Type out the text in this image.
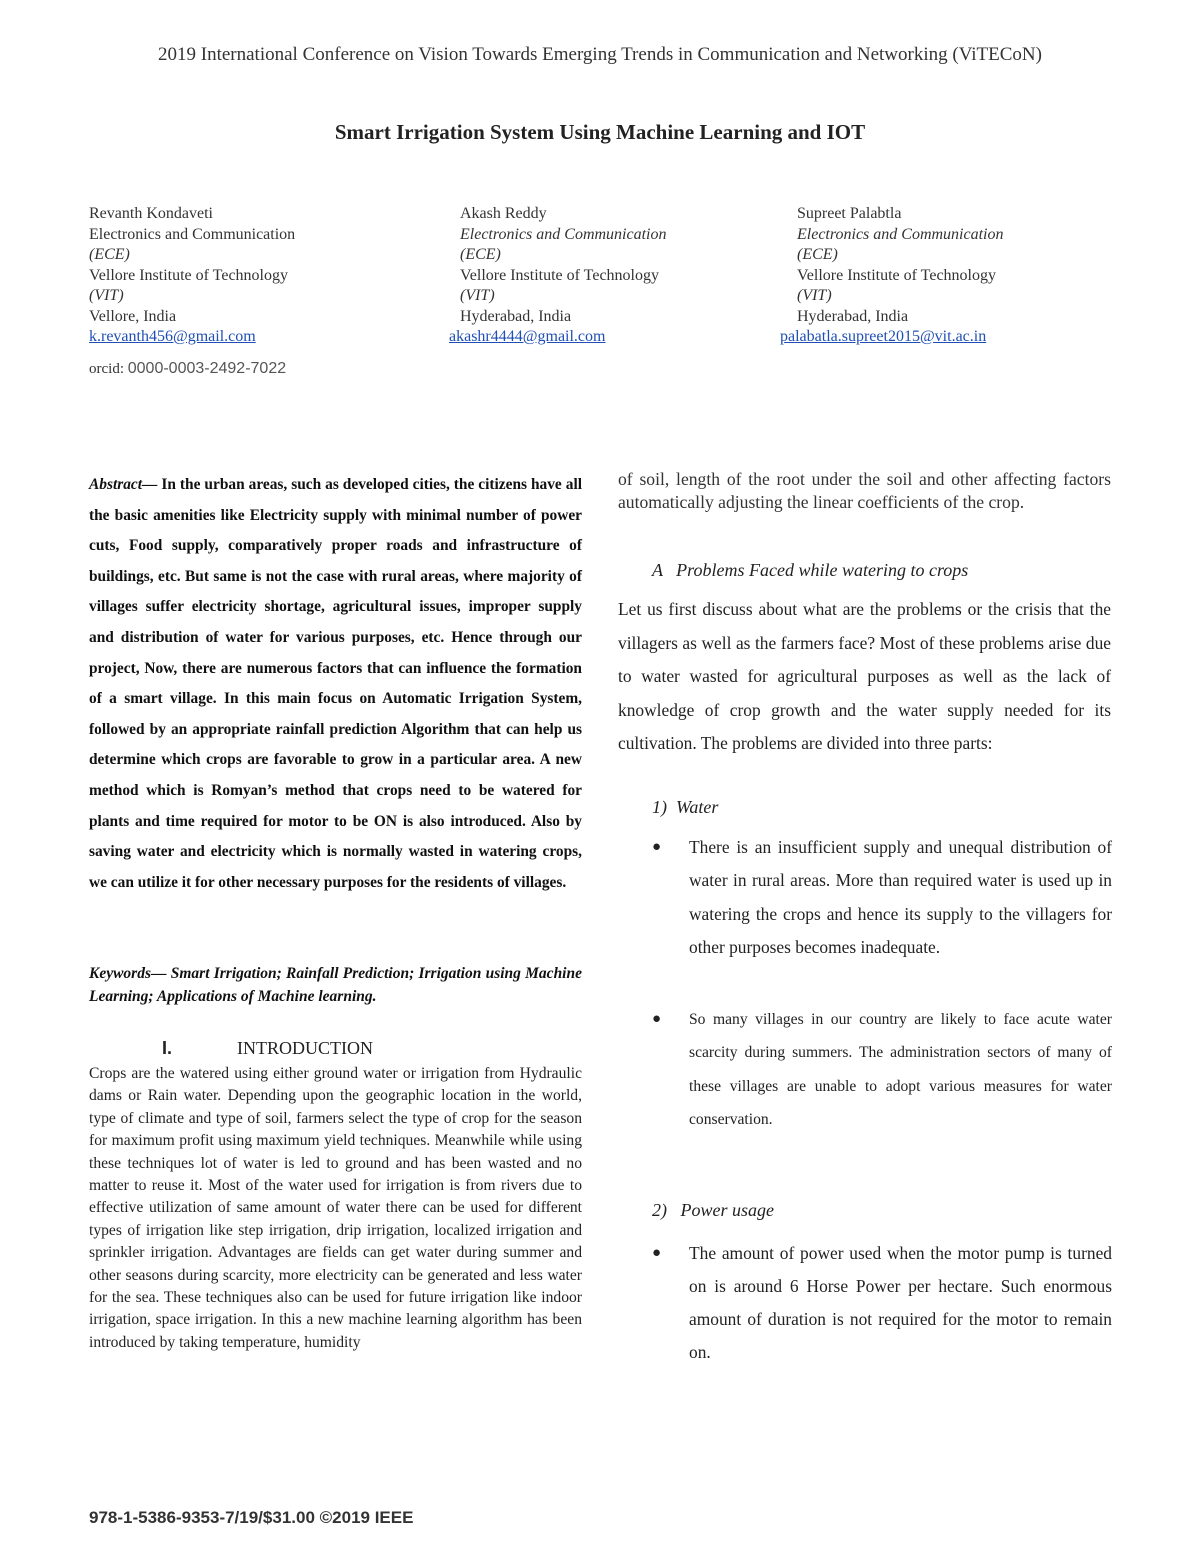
2019 International Conference on Vision Towards Emerging Trends in Communication and Networking (ViTECoN)
Smart Irrigation System Using Machine Learning and IOT
Revanth Kondaveti
Electronics and Communication
(ECE)
Vellore Institute of Technology
(VIT)
Vellore, India
k.revanth456@gmail.com
Akash Reddy
Electronics and Communication
(ECE)
Vellore Institute of Technology
(VIT)
Hyderabad, India
akashr4444@gmail.com
Supreet Palabtla
Electronics and Communication
(ECE)
Vellore Institute of Technology
(VIT)
Hyderabad, India
palabatla.supreet2015@vit.ac.in
orcid: 0000-0003-2492-7022
Abstract— In the urban areas, such as developed cities, the citizens have all the basic amenities like Electricity supply with minimal number of power cuts, Food supply, comparatively proper roads and infrastructure of buildings, etc. But same is not the case with rural areas, where majority of villages suffer electricity shortage, agricultural issues, improper supply and distribution of water for various purposes, etc. Hence through our project, Now, there are numerous factors that can influence the formation of a smart village. In this main focus on Automatic Irrigation System, followed by an appropriate rainfall prediction Algorithm that can help us determine which crops are favorable to grow in a particular area. A new method which is Romyan’s method that crops need to be watered for plants and time required for motor to be ON is also introduced. Also by saving water and electricity which is normally wasted in watering crops, we can utilize it for other necessary purposes for the residents of villages.
Keywords— Smart Irrigation; Rainfall Prediction; Irrigation using Machine Learning; Applications of Machine learning.
I.	INTRODUCTION
Crops are the watered using either ground water or irrigation from Hydraulic dams or Rain water. Depending upon the geographic location in the world, type of climate and type of soil, farmers select the type of crop for the season for maximum profit using maximum yield techniques. Meanwhile while using these techniques lot of water is led to ground and has been wasted and no matter to reuse it. Most of the water used for irrigation is from rivers due to effective utilization of same amount of water there can be used for different types of irrigation like step irrigation, drip irrigation, localized irrigation and sprinkler irrigation. Advantages are fields can get water during summer and other seasons during scarcity, more electricity can be generated and less water for the sea. These techniques also can be used for future irrigation like indoor irrigation, space irrigation. In this a new machine learning algorithm has been introduced by taking temperature, humidity
of soil, length of the root under the soil and other affecting factors automatically adjusting the linear coefficients of the crop.
A   Problems Faced while watering to crops
Let us first discuss about what are the problems or the crisis that the villagers as well as the farmers face? Most of these problems arise due to water wasted for agricultural purposes as well as the lack of knowledge of crop growth and the water supply needed for its cultivation. The problems are divided into three parts:
1)  Water
● There is an insufficient supply and unequal distribution of water in rural areas. More than required water is used up in watering the crops and hence its supply to the villagers for other purposes becomes inadequate.
● So many villages in our country are likely to face acute water scarcity during summers. The administration sectors of many of these villages are unable to adopt various measures for water conservation.
2)   Power usage
● The amount of power used when the motor pump is turned on is around 6 Horse Power per hectare. Such enormous amount of duration is not required for the motor to remain on.
978-1-5386-9353-7/19/$31.00 ©2019 IEEE
